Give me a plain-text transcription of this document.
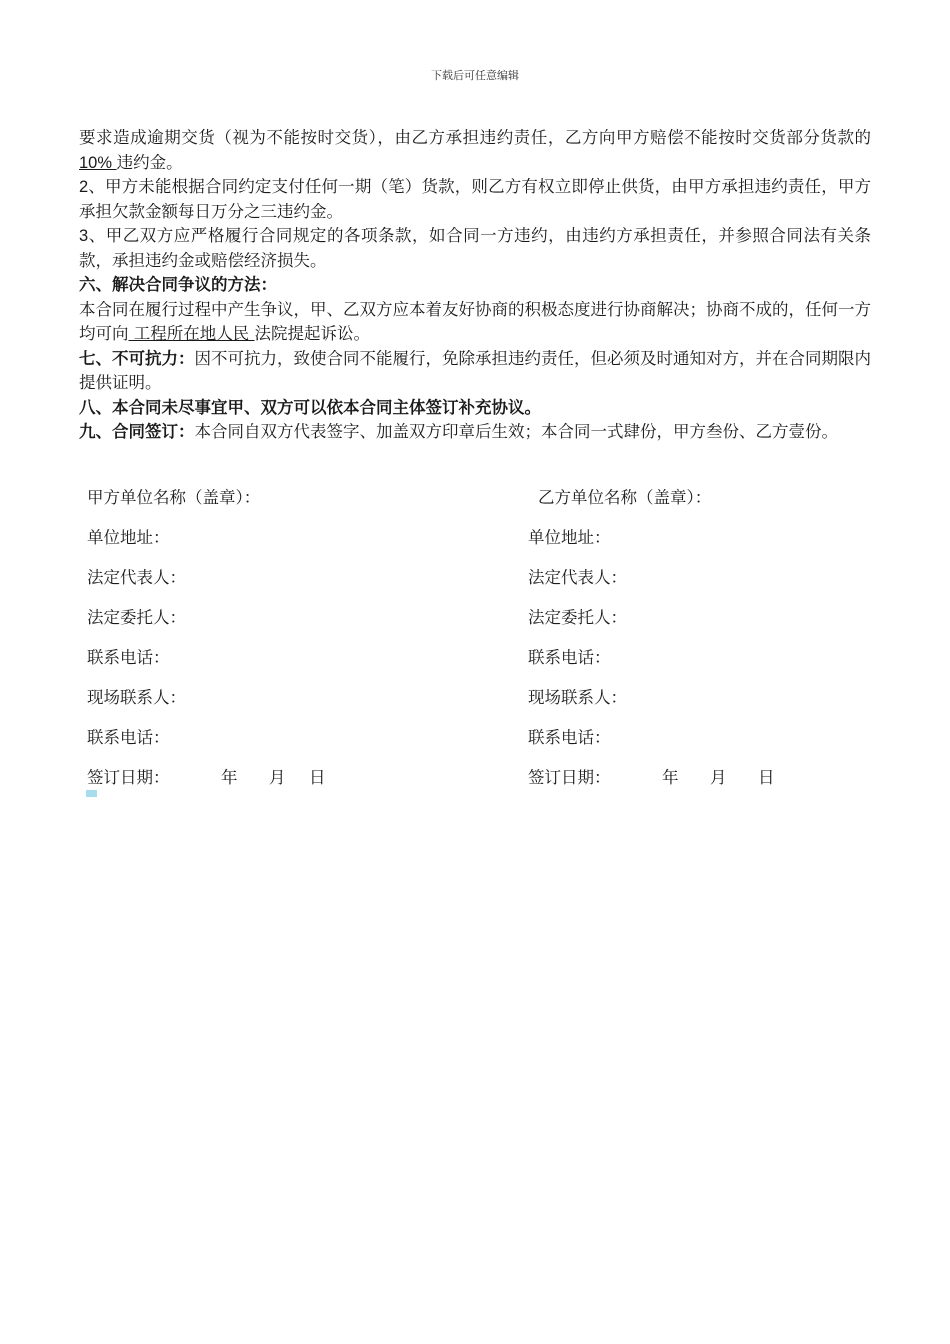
下载后可任意编辑

要求造成逾期交货（视为不能按时交货），由乙方承担违约责任，乙方向甲方赔偿不能按时交货部分货款的 10% 违约金。

2、甲方未能根据合同约定支付任何一期（笔）货款，则乙方有权立即停止供货，由甲方承担违约责任，甲方承担欠款金额每日万分之三违约金。

3、甲乙双方应严格履行合同规定的各项条款，如合同一方违约，由违约方承担责任，并参照合同法有关条款，承担违约金或赔偿经济损失。

六、解决合同争议的方法：

本合同在履行过程中产生争议，甲、乙双方应本着友好协商的积极态度进行协商解决；协商不成的，任何一方均可向 工程所在地人民 法院提起诉讼。

七、不可抗力：因不可抗力，致使合同不能履行，免除承担违约责任，但必须及时通知对方，并在合同期限内提供证明。

八、本合同未尽事宜甲、双方可以依本合同主体签订补充协议。

九、合同签订：本合同自双方代表签字、加盖双方印章后生效；本合同一式肆份，甲方叁份、乙方壹份。

甲方单位名称（盖章）：	乙方单位名称（盖章）：
单位地址：	单位地址：
法定代表人：	法定代表人：
法定委托人：	法定委托人：
联系电话：	联系电话：
现场联系人：	现场联系人：
联系电话：	联系电话：
签订日期：	年 月 日	签订日期：	年 月 日
